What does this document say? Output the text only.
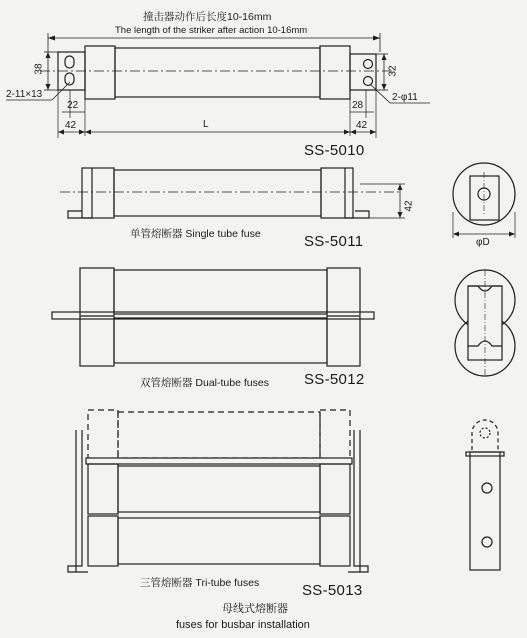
撞击器动作后长度10-16mm
The length of the striker after action 10-16mm
38	32
2-11×13	2-φ11
22	28
42	L	42
SS-5010
42
单管熔断器 Single tube fuse	SS-5011	φD
双管熔断器 Dual-tube fuses SS-5012
三管熔断器 Tri-tube fuses	SS-5013
母线式熔断器
fuses for busbar installation
